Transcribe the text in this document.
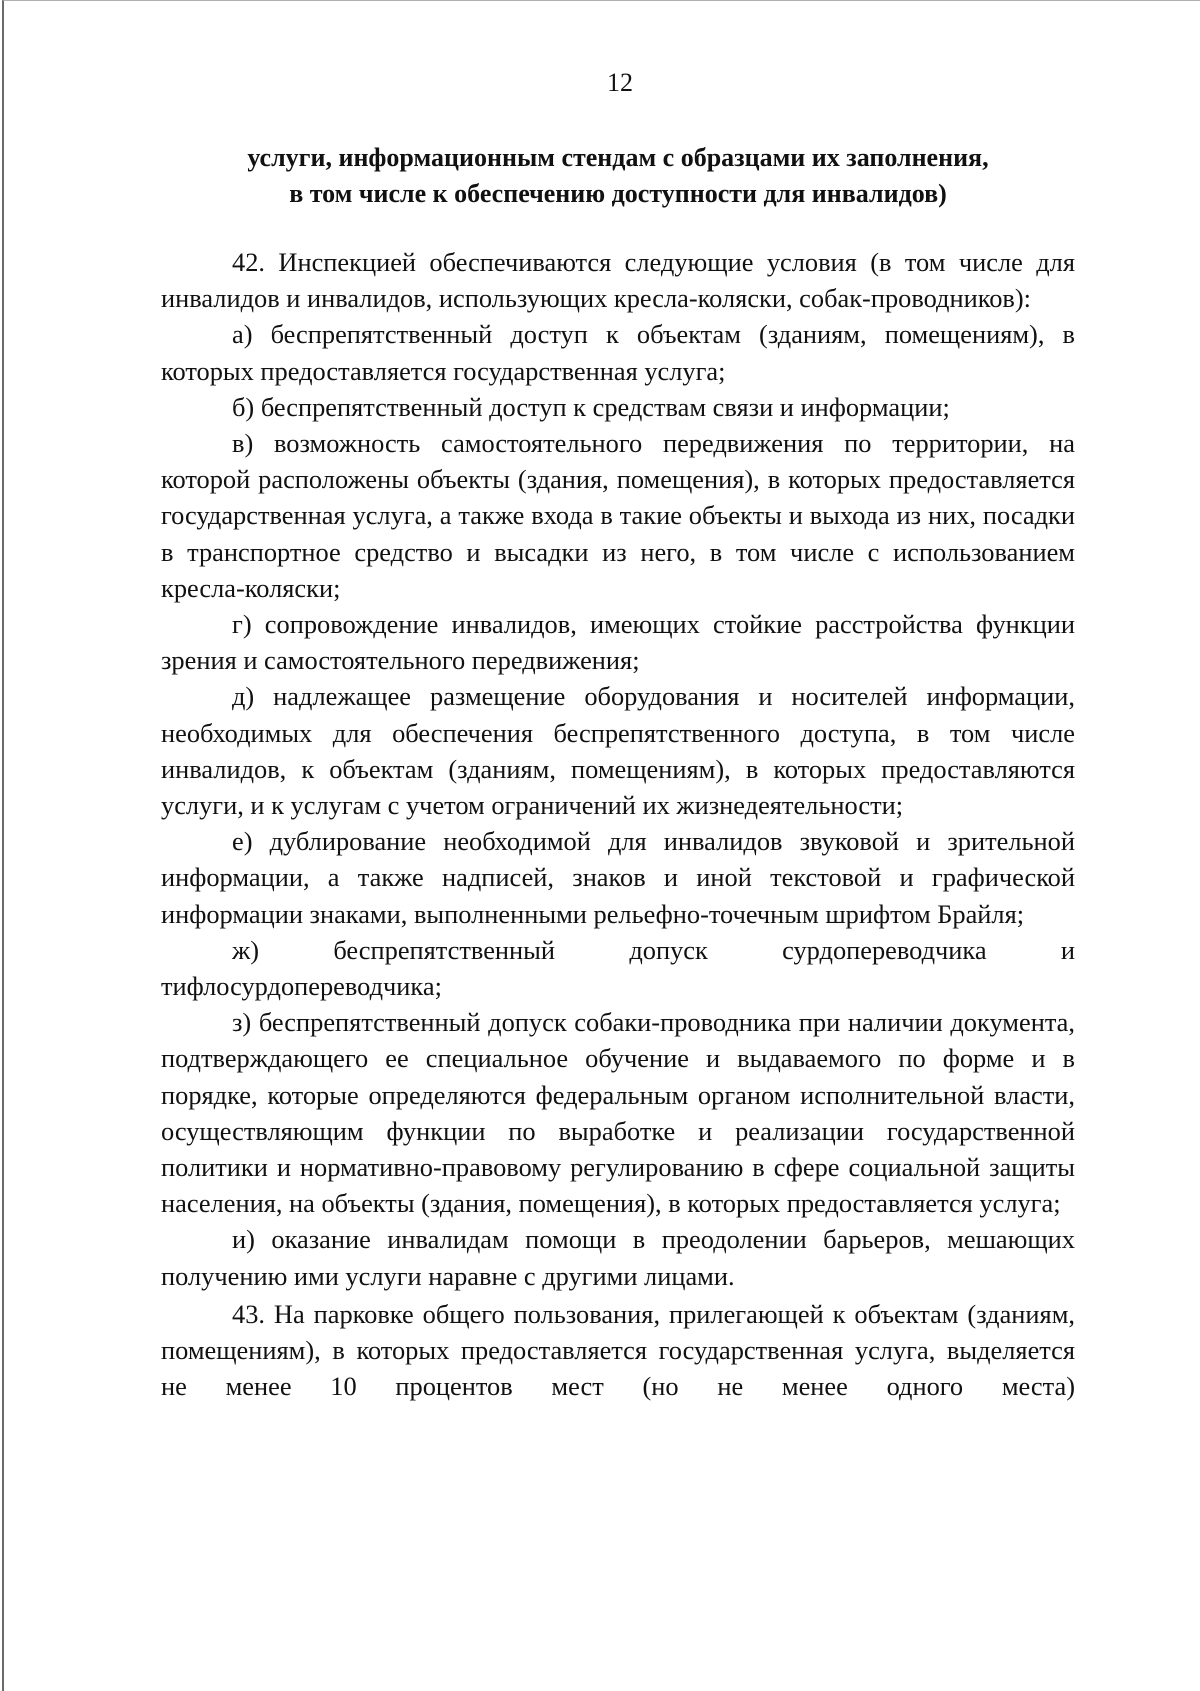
12
услуги, информационным стендам с образцами их заполнения,
в том числе к обеспечению доступности для инвалидов)

42. Инспекцией обеспечиваются следующие условия (в том числе для инвалидов и инвалидов, использующих кресла-коляски, собак-проводников):

а) беспрепятственный доступ к объектам (зданиям, помещениям), в которых предоставляется государственная услуга;

б) беспрепятственный доступ к средствам связи и информации;

в) возможность самостоятельного передвижения по территории, на которой расположены объекты (здания, помещения), в которых предоставляется государственная услуга, а также входа в такие объекты и выхода из них, посадки в транспортное средство и высадки из него, в том числе с использованием кресла-коляски;

г) сопровождение инвалидов, имеющих стойкие расстройства функции зрения и самостоятельного передвижения;

д) надлежащее размещение оборудования и носителей информации, необходимых для обеспечения беспрепятственного доступа, в том числе инвалидов, к объектам (зданиям, помещениям), в которых предоставляются услуги, и к услугам с учетом ограничений их жизнедеятельности;

е) дублирование необходимой для инвалидов звуковой и зрительной информации, а также надписей, знаков и иной текстовой и графической информации знаками, выполненными рельефно-точечным шрифтом Брайля;

ж) беспрепятственный допуск сурдопереводчика и тифлосурдопереводчика;

з) беспрепятственный допуск собаки-проводника при наличии документа, подтверждающего ее специальное обучение и выдаваемого по форме и в порядке, которые определяются федеральным органом исполнительной власти, осуществляющим функции по выработке и реализации государственной политики и нормативно-правовому регулированию в сфере социальной защиты населения, на объекты (здания, помещения), в которых предоставляется услуга;

и) оказание инвалидам помощи в преодолении барьеров, мешающих получению ими услуги наравне с другими лицами.

43. На парковке общего пользования, прилегающей к объектам (зданиям, помещениям), в которых предоставляется государственная услуга, выделяется не менее 10 процентов мест (но не менее одного места)
